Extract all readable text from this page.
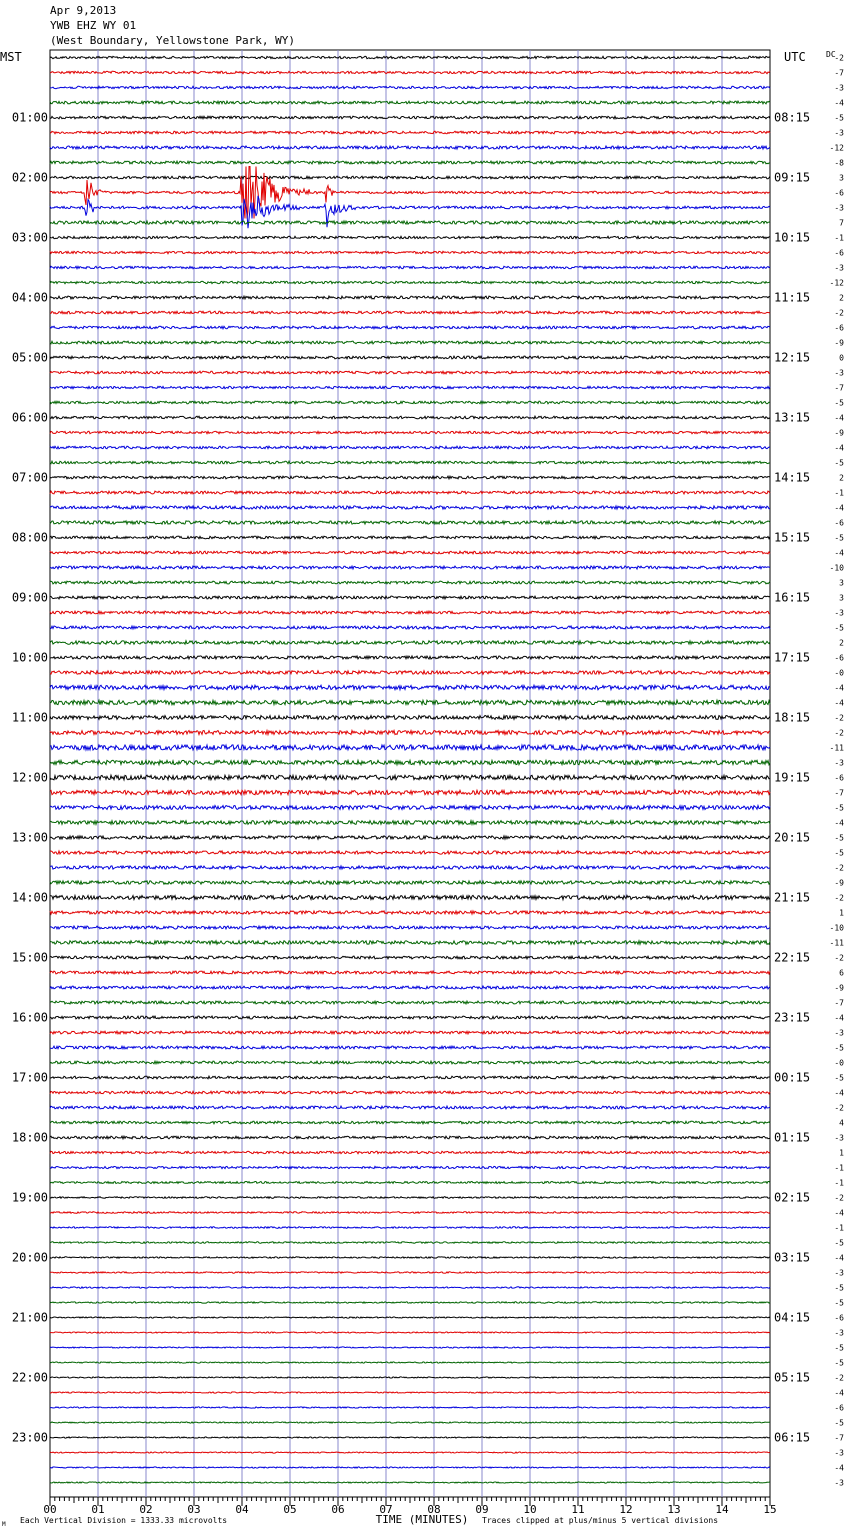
Apr 9,2013
YWB EHZ WY 01
(West Boundary, Yellowstone Park, WY)
01:00	08:15
02:00	09:15
03:00	10:15
04:00	11:15
05:00	12:15
06:00	13:15
07:00	14:15
08:00	15:15
09:00	16:15
10:00	17:15
11:00	18:15
12:00	19:15
13:00	20:15
14:00	21:15
15:00	22:15
16:00	23:15
17:00	00:15
18:00	01:15
19:00	02:15
20:00	03:15
21:00	04:15
22:00	05:15
23:00	06:15
MST	UTC	DC
-2
-7
-3
-4
-5
-3
-12
-8
3
-6
-3
7
-1
-6
-3
-12
2
-2
-6
-9
0
-3
-7
-5
-4
-9
-4
-5
2
-1
-4
-6
-5
-4
-10
3
3
-3
-5
2
-6
-0
-4
-4
-2
-2
-11
-3
-6
-7
-5
-4
-5
-5
-2
-9
-2
1
-10
-11
-2
6
-9
-7
-4
-3
-5
-0
-5
-4
-2
4
-3
1
-1
-1
-2
-4
-1
-5
-4
-3
-5
-5
-6
-3
-5
-5
-2
-4
-6
-5
-7
-3
-4
-3
00	01	02	03	04	05	06	07	08	09	10	11	12	13	14	15
M Each Vertical Division = 1333.33 microvolts	TIME (MINUTES) Traces clipped at plus/minus 5 vertical divisions
